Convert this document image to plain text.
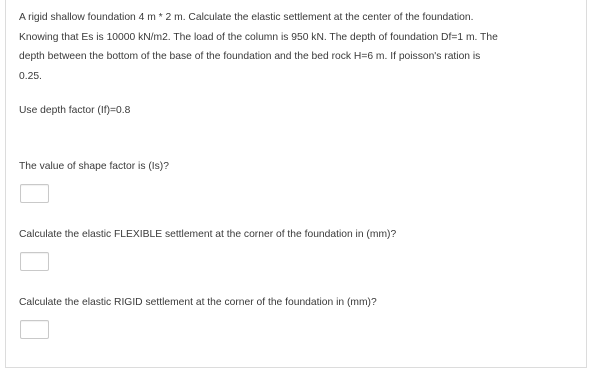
A rigid shallow foundation 4 m * 2 m. Calculate the elastic settlement at the center of the foundation.
Knowing that Es is 10000 kN/m2. The load of the column is 950 kN. The depth of foundation Df=1 m. The
depth between the bottom of the base of the foundation and the bed rock H=6 m. If poisson's ration is
0.25.

Use depth factor (If)=0.8

The value of shape factor is (Is)?

Calculate the elastic FLEXIBLE settlement at the corner of the foundation in (mm)?

Calculate the elastic RIGID settlement at the corner of the foundation in (mm)?
